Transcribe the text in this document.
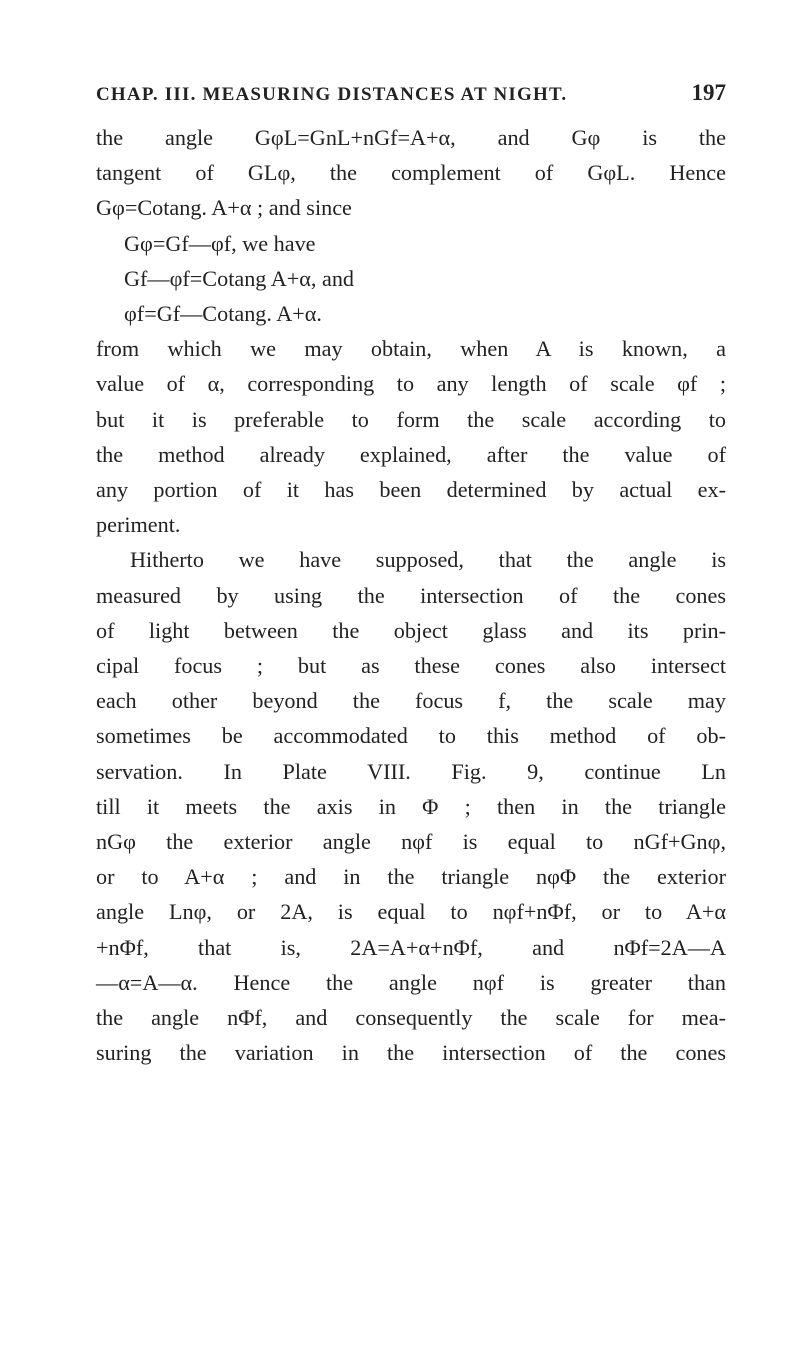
CHAP. III. MEASURING DISTANCES AT NIGHT.	197
the angle GφL=GnL+nGf=A+α, and Gφ is the
tangent of GLφ, the complement of GφL. Hence
Gφ=Cotang. A+α ; and since
Gφ=Gf—φf, we have
Gf—φf=Cotang A+α, and
φf=Gf—Cotang. A+α.
from which we may obtain, when A is known, a
value of α, corresponding to any length of scale φf ;
but it is preferable to form the scale according to
the method already explained, after the value of
any portion of it has been determined by actual ex-
periment.
Hitherto we have supposed, that the angle is
measured by using the intersection of the cones
of light between the object glass and its prin-
cipal focus ; but as these cones also intersect
each other beyond the focus f, the scale may
sometimes be accommodated to this method of ob-
servation. In Plate VIII. Fig. 9, continue Ln
till it meets the axis in Φ ; then in the triangle
nGφ the exterior angle nφf is equal to nGf+Gnφ,
or to A+α ; and in the triangle nφΦ the exterior
angle Lnφ, or 2A, is equal to nφf+nΦf, or to A+α
+nΦf, that is, 2A=A+α+nΦf, and nΦf=2A—A
—α=A—α. Hence the angle nφf is greater than
the angle nΦf, and consequently the scale for mea-
suring the variation in the intersection of the cones
